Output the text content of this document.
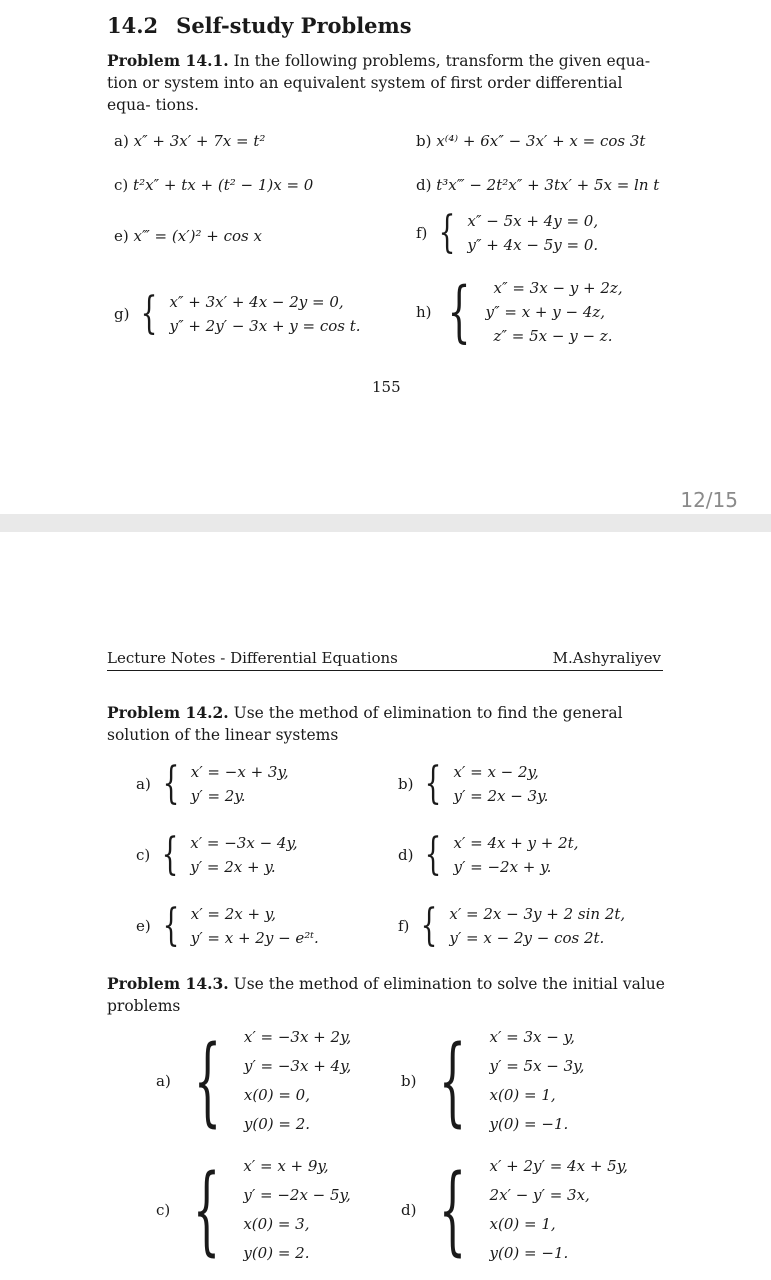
14.2 Self-study Problems
Problem 14.1. In the following problems, transform the given equa- tion or system into an equivalent system of first order differential equa- tions.
a) x″ + 3x′ + 7x = t²	b) x⁽⁴⁾ + 6x″ − 3x′ + x = cos 3t
c) t²x″ + tx + (t² − 1)x = 0	d) t³x‴ − 2t²x″ + 3tx′ + 5x = ln t
e) x‴ = (x′)² + cos x	f) { x″ − 5x + 4y = 0,
y″ + 4x − 5y = 0.
g) { x″ + 3x′ + 4x − 2y = 0,
y″ + 2y′ − 3x + y = cos t.
h) {	x″ = 3x − y + 2z,
y″ = x + y − 4z,
z″ = 5x − y − z.
155
12/15
Lecture Notes - Differential Equations	M.Ashyraliyev
Problem 14.2. Use the method of elimination to find the general solution of the linear systems
a) { x′ = −x + 3y,
y′ = 2y.
b) { x′ = x − 2y,
y′ = 2x − 3y.
c) { x′ = −3x − 4y,
y′ = 2x + y.
d) { x′ = 4x + y + 2t,
y′ = −2x + y.
e) { x′ = 2x + y,
y′ = x + 2y − e²ᵗ.
f) { x′ = 2x − 3y + 2 sin 2t,
y′ = x − 2y − cos 2t.
Problem 14.3. Use the method of elimination to solve the initial value problems
a) { x′ = −3x + 2y,
y′ = −3x + 4y,
x(0) = 0,
y(0) = 2.
b) { x′ = 3x − y,
y′ = 5x − 3y,
x(0) = 1,
y(0) = −1.
c) { x′ = x + 9y,
y′ = −2x − 5y,
x(0) = 3,
y(0) = 2.
d) { x′ + 2y′ = 4x + 5y,
2x′ − y′ = 3x,
x(0) = 1,
y(0) = −1.
